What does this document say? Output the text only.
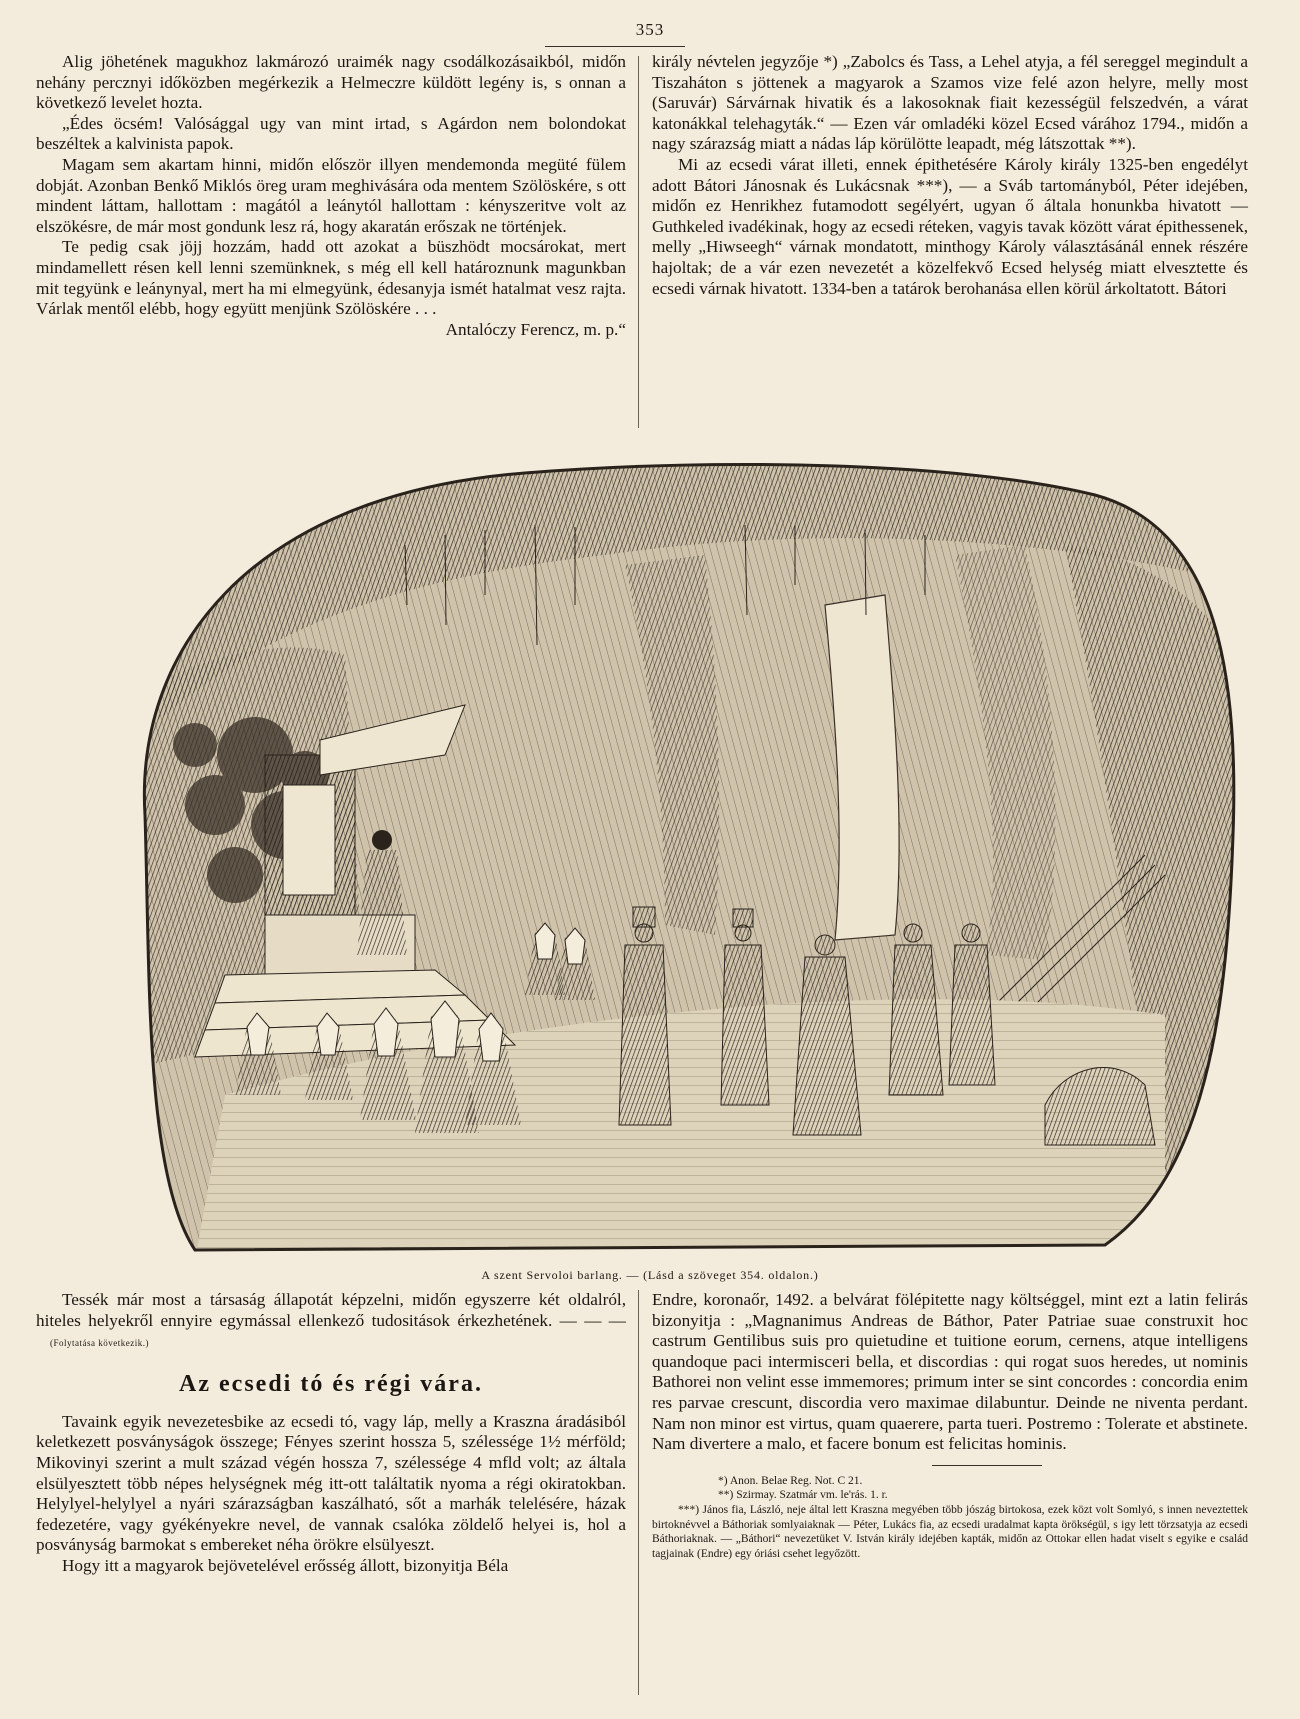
353

Alig jöhetének magukhoz lakmározó uraimék nagy csodálkozásaikból, midőn nehány percznyi időközben megérkezik a Helmeczre küldött legény is, s onnan a következő levelet hozta.

„Édes öcsém! Valósággal ugy van mint irtad, s Agárdon nem bolondokat beszéltek a kalvinista papok.

Magam sem akartam hinni, midőn először illyen mendemonda megüté fülem dobját. Azonban Benkő Miklós öreg uram meghivására oda mentem Szölöskére, s ott mindent láttam, hallottam : magától a leánytól hallottam : kényszeritve volt az elszökésre, de már most gondunk lesz rá, hogy akaratán erőszak ne történjek.

Te pedig csak jöjj hozzám, hadd ott azokat a büszhödt mocsárokat, mert mindamellett résen kell lenni szemünknek, s még ell kell határoznunk magunkban mit tegyünk e leánynyal, mert ha mi elmegyünk, édesanyja ismét hatalmat vesz rajta. Várlak mentől elébb, hogy együtt menjünk Szölöskére . . .

Antalóczy Ferencz, m. p.“

király névtelen jegyzője *) „Zabolcs és Tass, a Lehel atyja, a fél sereggel megindult a Tiszaháton s jöttenek a magyarok a Szamos vize felé azon helyre, melly most (Saruvár) Sárvárnak hivatik és a lakosoknak fiait kezességül felszedvén, a várat katonákkal telehagyták.“ — Ezen vár omladéki közel Ecsed várához 1794., midőn a nagy szárazság miatt a nádas láp körülötte leapadt, még látszottak **).

Mi az ecsedi várat illeti, ennek épithetésére Károly király 1325-ben engedélyt adott Bátori Jánosnak és Lukácsnak ***), — a Sváb tartományból, Péter idejében, midőn ez Henrikhez futamodott segélyért, ugyan ő általa honunkba hivatott — Guthkeled ivadékinak, hogy az ecsedi réteken, vagyis tavak között várat épithessenek, melly „Hiwseegh“ várnak mondatott, minthogy Károly választásánál ennek részére hajoltak; de a vár ezen nevezetét a közelfekvő Ecsed helység miatt elvesztette és ecsedi várnak hivatott. 1334-ben a tatárok berohanása ellen körül árkoltatott. Bátori

A szent Servoloi barlang. — (Lásd a szöveget 354. oldalon.)

Tessék már most a társaság állapotát képzelni, midőn egyszerre két oldalról, hiteles helyekről ennyire egymással ellenkező tudositások érkezhetének. — — — (Folytatása következik.)

Az ecsedi tó és régi vára.

Tavaink egyik nevezetesbike az ecsedi tó, vagy láp, melly a Kraszna áradásiból keletkezett posványságok összege; Fényes szerint hossza 5, szélessége 1½ mérföld; Mikovinyi szerint a mult század végén hossza 7, szélessége 4 mfld volt; az általa elsülyesztett több népes helységnek még itt-ott találtatik nyoma a régi okiratokban. Helylyel-helylyel a nyári szárazságban kaszálható, sőt a marhák telelésére, házak fedezetére, vagy gyékényekre nevel, de vannak csalóka zöldelő helyei is, hol a posványság barmokat s embereket néha örökre elsülyeszt.

Hogy itt a magyarok bejövetelével erősség állott, bizonyitja Béla

Endre, koronaőr, 1492. a belvárat fölépitette nagy költséggel, mint ezt a latin felirás bizonyitja : „Magnanimus Andreas de Báthor, Pater Patriae suae construxit hoc castrum Gentilibus suis pro quietudine et tuitione eorum, cernens, atque intelligens quandoque paci intermisceri bella, et discordias : qui rogat suos heredes, ut nominis Bathorei non velint esse immemores; primum inter se sint concordes : concordia enim res parvae crescunt, discordia vero maximae dilabuntur. Deinde ne niventa perdant. Nam non minor est virtus, quam quaerere, parta tueri. Postremo : Tolerate et abstinete. Nam divertere a malo, et facere bonum est felicitas hominis.

*) Anon. Belae Reg. Not. C 21.

**) Szirmay. Szatmár vm. le'rás. 1. r.

***) János fia, László, neje által lett Kraszna megyében több jószág birtokosa, ezek közt volt Somlyó, s innen neveztettek birtoknévvel a Báthoriak somlyaiaknak — Péter, Lukács fia, az ecsedi uradalmat kapta örökségül, s igy lett törzsatyja az ecsedi Báthoriaknak. — „Báthori“ nevezetüket V. István király idejében kapták, midőn az Ottokar ellen hadat viselt s egyike e család tagjainak (Endre) egy óriási csehet legyőzött.
